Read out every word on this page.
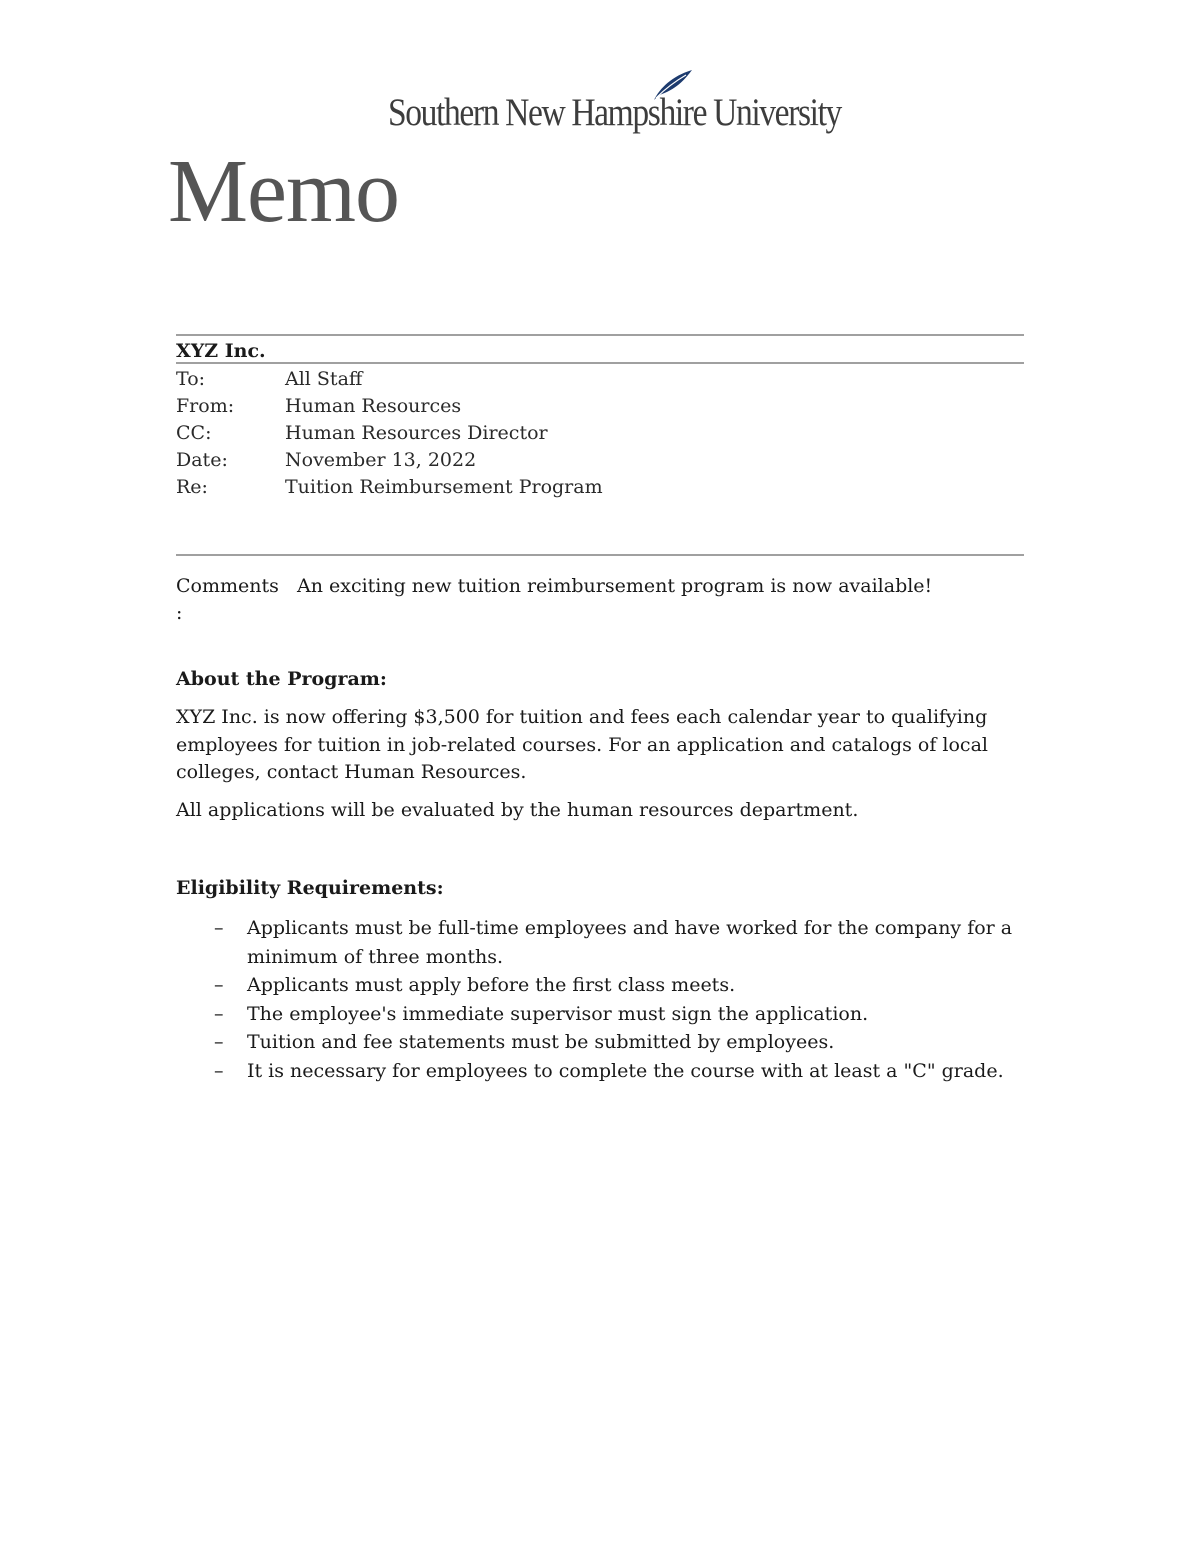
Southern New Hampshire University
Memo
XYZ Inc.
To:	All Staff
From:	Human Resources
CC:	Human Resources Director
Date:	November 13, 2022
Re:	Tuition Reimbursement Program
Comments An exciting new tuition reimbursement program is now available!
:
About the Program:
XYZ Inc. is now offering $3,500 for tuition and fees each calendar year to qualifying employees for tuition in job-related courses. For an application and catalogs of local colleges, contact Human Resources.
All applications will be evaluated by the human resources department.
Eligibility Requirements:
– Applicants must be full-time employees and have worked for the company for a minimum of three months.
– Applicants must apply before the first class meets.
– The employee's immediate supervisor must sign the application.
– Tuition and fee statements must be submitted by employees.
– It is necessary for employees to complete the course with at least a "C" grade.
